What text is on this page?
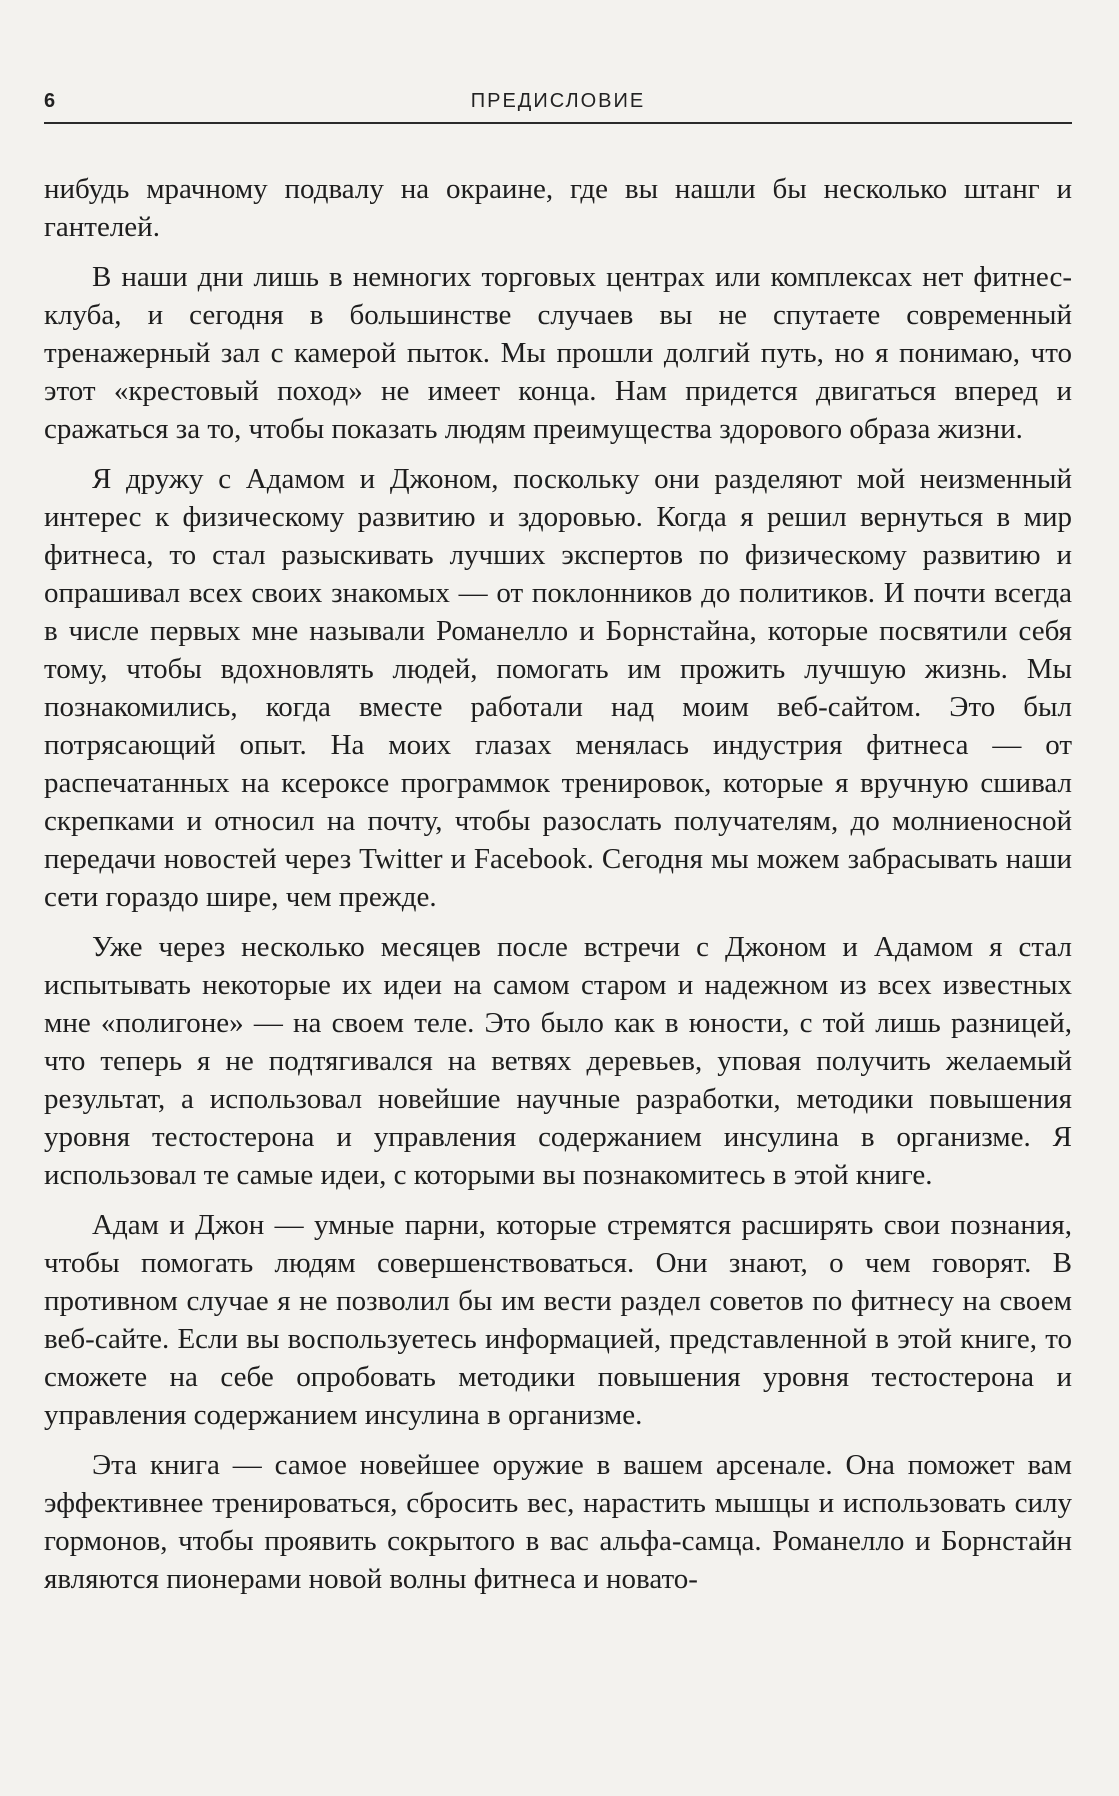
6	ПРЕДИСЛОВИЕ

нибудь мрачному подвалу на окраине, где вы нашли бы несколько штанг и гантелей.

В наши дни лишь в немногих торговых центрах или комплексах нет фитнес-клуба, и сегодня в большинстве случаев вы не спутаете современный тренажерный зал с камерой пыток. Мы прошли долгий путь, но я понимаю, что этот «крестовый поход» не имеет конца. Нам придется двигаться вперед и сражаться за то, чтобы показать людям преимущества здорового образа жизни.

Я дружу с Адамом и Джоном, поскольку они разделяют мой неизменный интерес к физическому развитию и здоровью. Когда я решил вернуться в мир фитнеса, то стал разыскивать лучших экспертов по физическому развитию и опрашивал всех своих знакомых — от поклонников до политиков. И почти всегда в числе первых мне называли Романелло и Борнстайна, которые посвятили себя тому, чтобы вдохновлять людей, помогать им прожить лучшую жизнь. Мы познакомились, когда вместе работали над моим веб-сайтом. Это был потрясающий опыт. На моих глазах менялась индустрия фитнеса — от распечатанных на ксероксе программок тренировок, которые я вручную сшивал скрепками и относил на почту, чтобы разослать получателям, до молниеносной передачи новостей через Twitter и Facebook. Сегодня мы можем забрасывать наши сети гораздо шире, чем прежде.

Уже через несколько месяцев после встречи с Джоном и Адамом я стал испытывать некоторые их идеи на самом старом и надежном из всех известных мне «полигоне» — на своем теле. Это было как в юности, с той лишь разницей, что теперь я не подтягивался на ветвях деревьев, уповая получить желаемый результат, а использовал новейшие научные разработки, методики повышения уровня тестостерона и управления содержанием инсулина в организме. Я использовал те самые идеи, с которыми вы познакомитесь в этой книге.

Адам и Джон — умные парни, которые стремятся расширять свои познания, чтобы помогать людям совершенствоваться. Они знают, о чем говорят. В противном случае я не позволил бы им вести раздел советов по фитнесу на своем веб-сайте. Если вы воспользуетесь информацией, представленной в этой книге, то сможете на себе опробовать методики повышения уровня тестостерона и управления содержанием инсулина в организме.

Эта книга — самое новейшее оружие в вашем арсенале. Она поможет вам эффективнее тренироваться, сбросить вес, нарастить мышцы и использовать силу гормонов, чтобы проявить сокрытого в вас альфа-самца. Романелло и Борнстайн являются пионерами новой волны фитнеса и новато-
